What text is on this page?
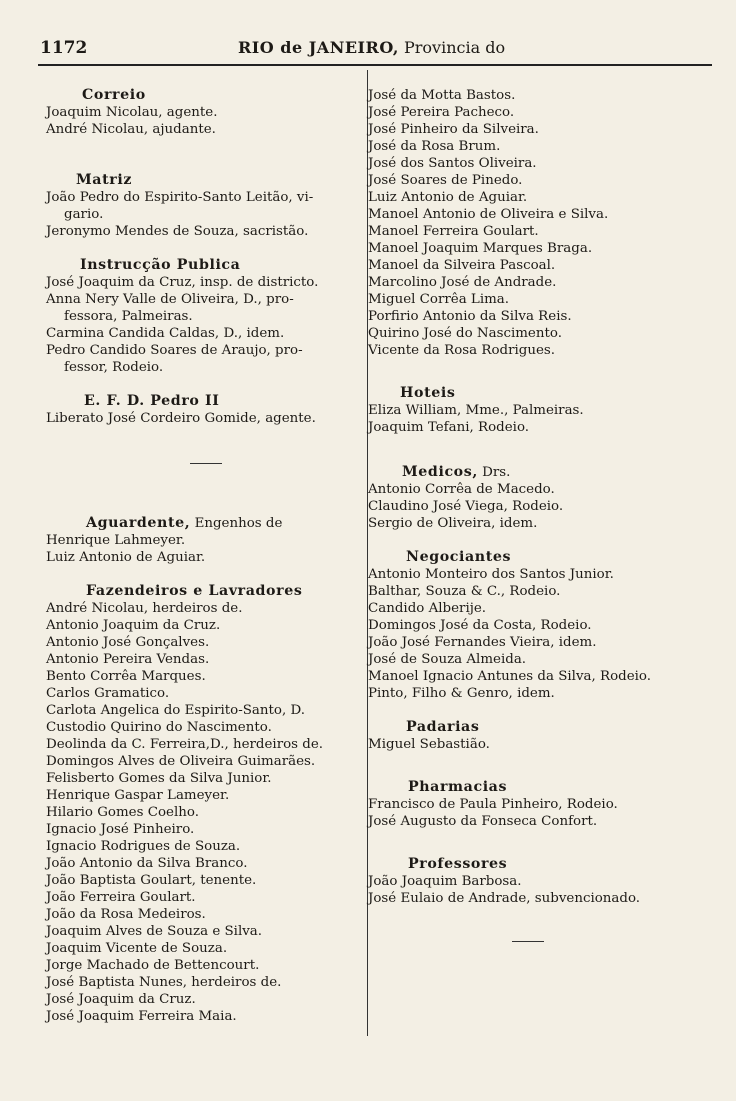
1172	RIO de JANEIRO, Provincia do
Correio
Joaquim Nicolau, agente.
André Nicolau, ajudante.
Matriz
João Pedro do Espirito-Santo Leitão, vi-
gario.
Jeronymo Mendes de Souza, sacristão.
Instrucção Publica
José Joaquim da Cruz, insp. de districto.
Anna Nery Valle de Oliveira, D., pro-
fessora, Palmeiras.
Carmina Candida Caldas, D., idem.
Pedro Candido Soares de Araujo, pro-
fessor, Rodeio.
E. F. D. Pedro II
Liberato José Cordeiro Gomide, agente.
Aguardente, Engenhos de
Henrique Lahmeyer.
Luiz Antonio de Aguiar.
Fazendeiros e Lavradores
André Nicolau, herdeiros de.
Antonio Joaquim da Cruz.
Antonio José Gonçalves.
Antonio Pereira Vendas.
Bento Corrêa Marques.
Carlos Gramatico.
Carlota Angelica do Espirito-Santo, D.
Custodio Quirino do Nascimento.
Deolinda da C. Ferreira,D., herdeiros de.
Domingos Alves de Oliveira Guimarães.
Felisberto Gomes da Silva Junior.
Henrique Gaspar Lameyer.
Hilario Gomes Coelho.
Ignacio José Pinheiro.
Ignacio Rodrigues de Souza.
João Antonio da Silva Branco.
João Baptista Goulart, tenente.
João Ferreira Goulart.
João da Rosa Medeiros.
Joaquim Alves de Souza e Silva.
Joaquim Vicente de Souza.
Jorge Machado de Bettencourt.
José Baptista Nunes, herdeiros de.
José Joaquim da Cruz.
José Joaquim Ferreira Maia.
José da Motta Bastos.
José Pereira Pacheco.
José Pinheiro da Silveira.
José da Rosa Brum.
José dos Santos Oliveira.
José Soares de Pinedo.
Luiz Antonio de Aguiar.
Manoel Antonio de Oliveira e Silva.
Manoel Ferreira Goulart.
Manoel Joaquim Marques Braga.
Manoel da Silveira Pascoal.
Marcolino José de Andrade.
Miguel Corrêa Lima.
Porfirio Antonio da Silva Reis.
Quirino José do Nascimento.
Vicente da Rosa Rodrigues.
Hoteis
Eliza William, Mme., Palmeiras.
Joaquim Tefani, Rodeio.
Medicos, Drs.
Antonio Corrêa de Macedo.
Claudino José Viega, Rodeio.
Sergio de Oliveira, idem.
Negociantes
Antonio Monteiro dos Santos Junior.
Balthar, Souza & C., Rodeio.
Candido Alberije.
Domingos José da Costa, Rodeio.
João José Fernandes Vieira, idem.
José de Souza Almeida.
Manoel Ignacio Antunes da Silva, Rodeio.
Pinto, Filho & Genro, idem.
Padarias
Miguel Sebastião.
Pharmacias
Francisco de Paula Pinheiro, Rodeio.
José Augusto da Fonseca Confort.
Professores
João Joaquim Barbosa.
José Eulaio de Andrade, subvencionado.
